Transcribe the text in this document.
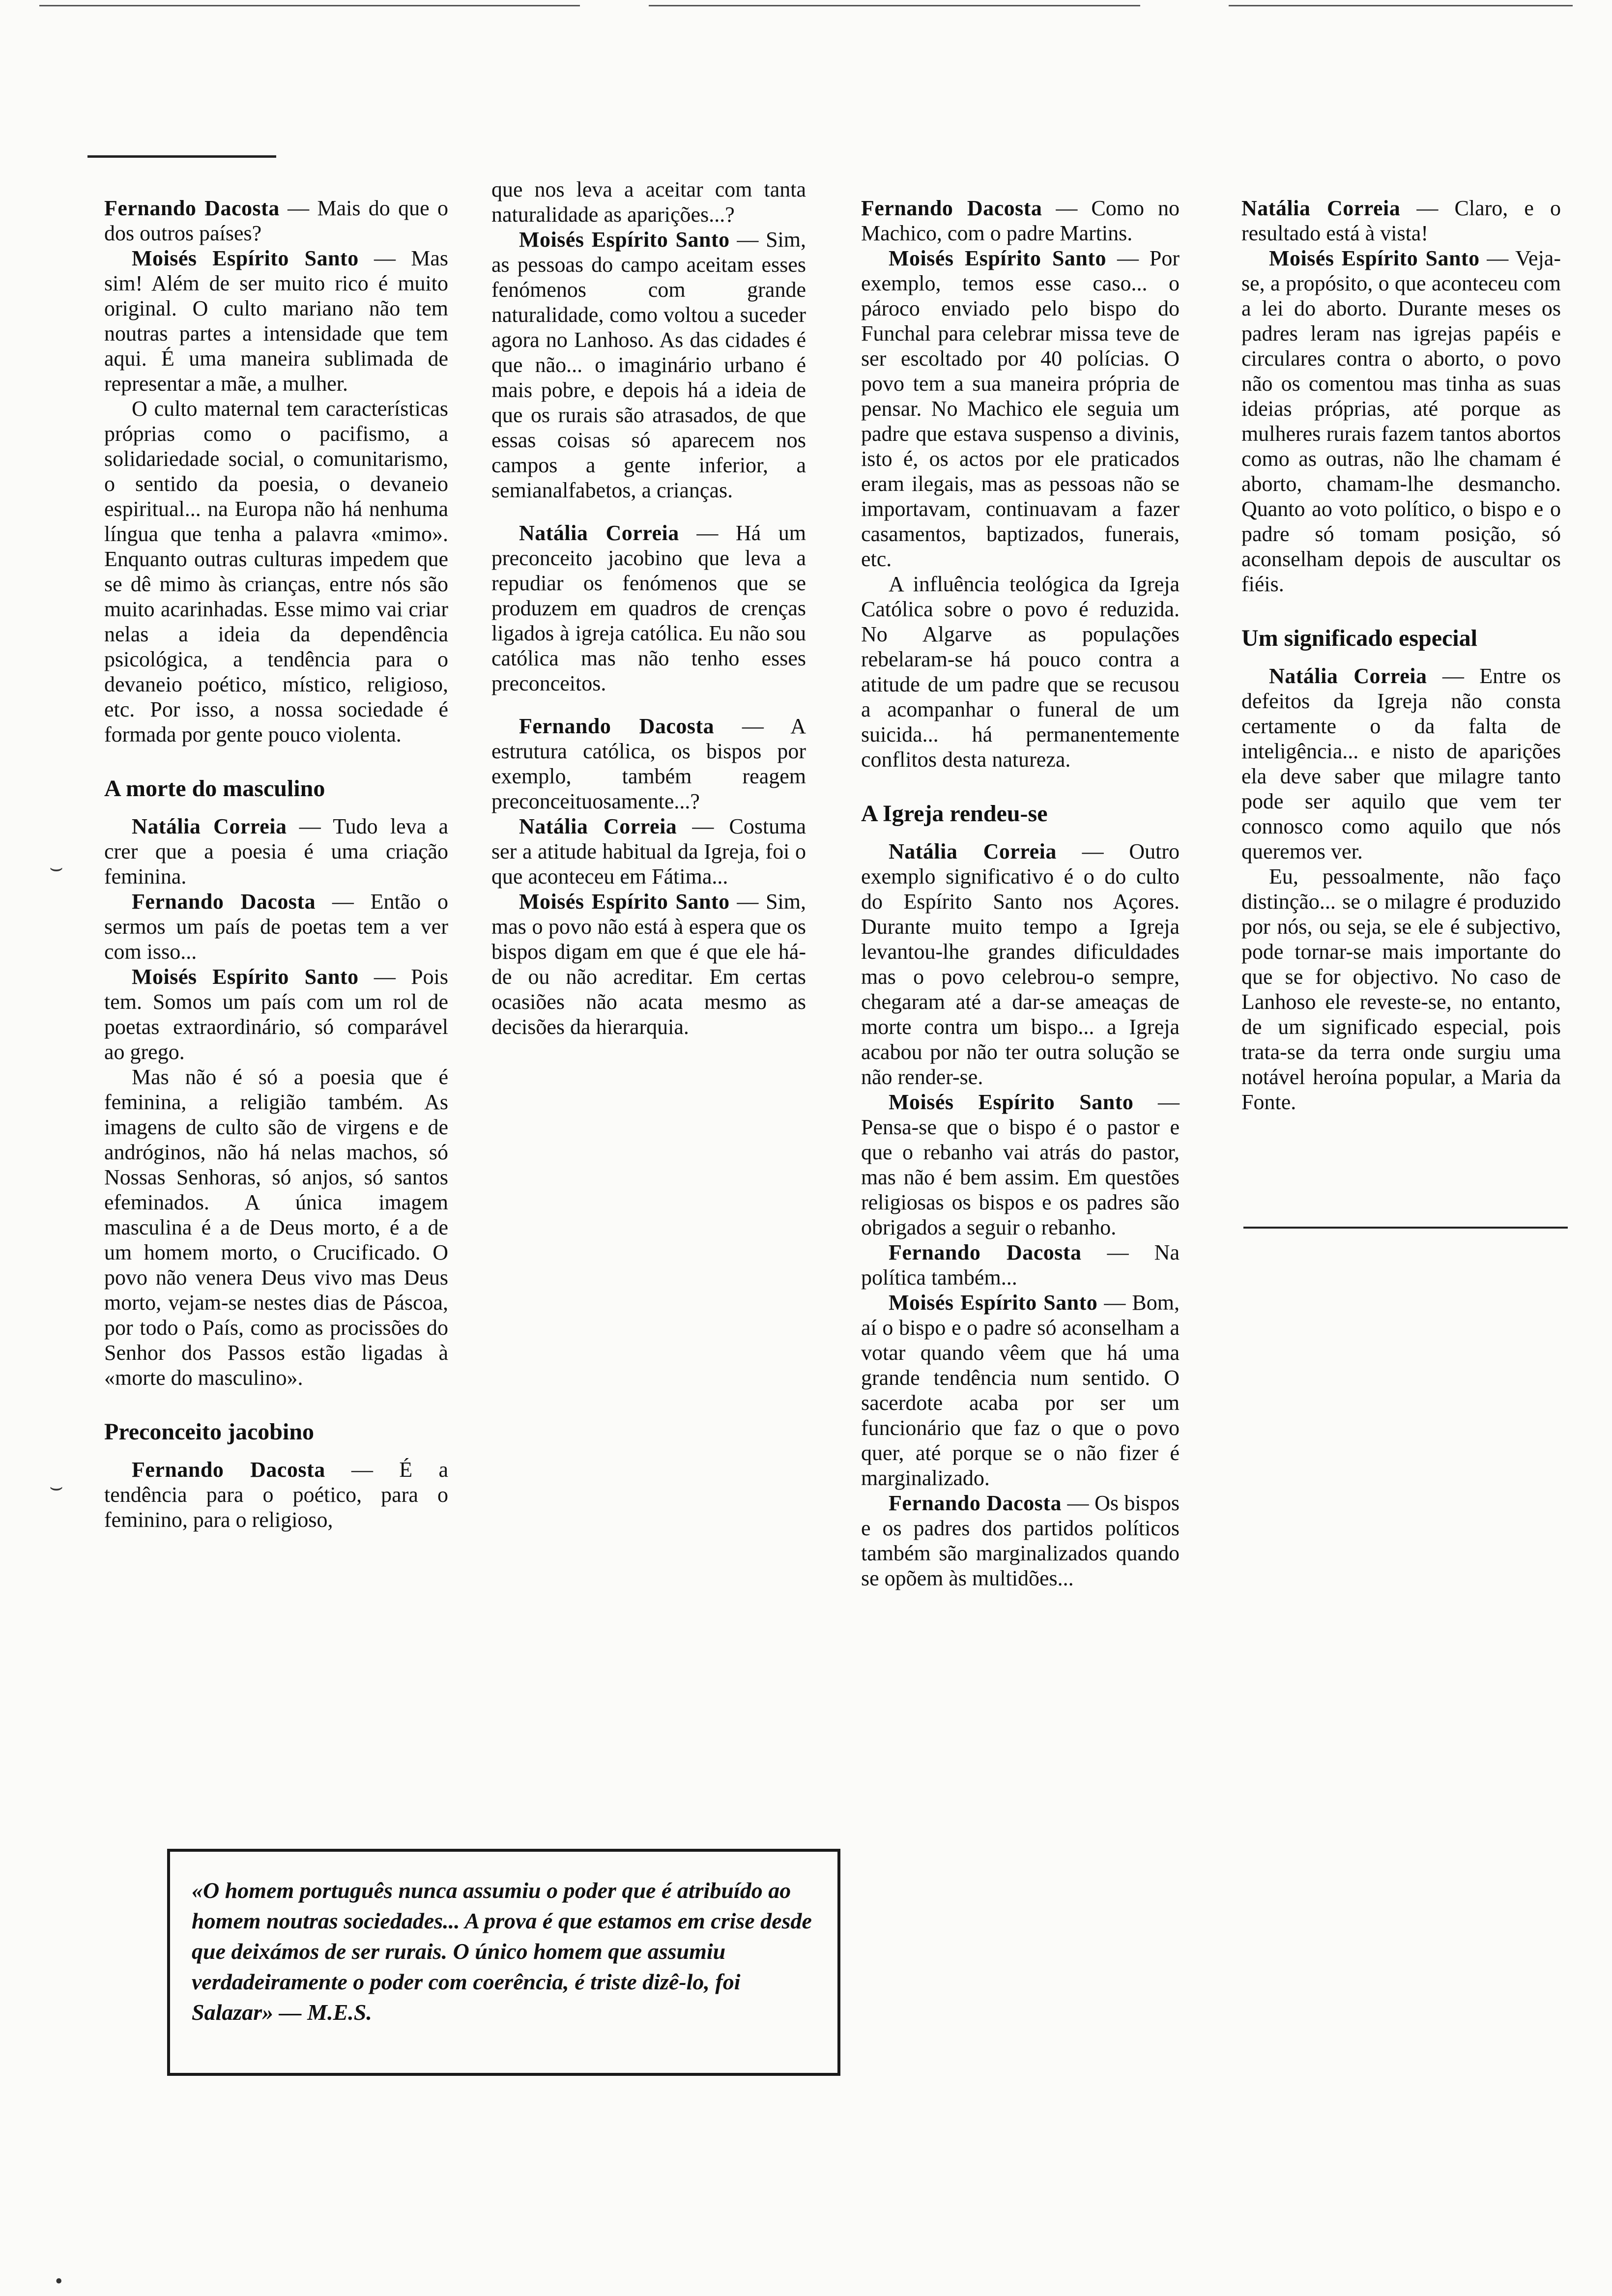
Fernando Dacosta — Mais do que o dos outros países?

Moisés Espírito Santo — Mas sim! Além de ser muito rico é muito original. O culto mariano não tem noutras partes a intensidade que tem aqui. É uma maneira sublimada de representar a mãe, a mulher.

O culto maternal tem características próprias como o pacifismo, a solidariedade social, o comunitarismo, o sentido da poesia, o devaneio espiritual... na Europa não há nenhuma língua que tenha a palavra «mimo». Enquanto outras culturas impedem que se dê mimo às crianças, entre nós são muito acarinhadas. Esse mimo vai criar nelas a ideia da dependência psicológica, a tendência para o devaneio poético, místico, religioso, etc. Por isso, a nossa sociedade é formada por gente pouco violenta.

A morte do masculino

Natália Correia — Tudo leva a crer que a poesia é uma criação feminina.

Fernando Dacosta — Então o sermos um país de poetas tem a ver com isso...

Moisés Espírito Santo — Pois tem. Somos um país com um rol de poetas extraordinário, só comparável ao grego.

Mas não é só a poesia que é feminina, a religião também. As imagens de culto são de virgens e de andróginos, não há nelas machos, só Nossas Senhoras, só anjos, só santos efeminados. A única imagem masculina é a de Deus morto, é a de um homem morto, o Crucificado. O povo não venera Deus vivo mas Deus morto, vejam-se nestes dias de Páscoa, por todo o País, como as procissões do Senhor dos Passos estão ligadas à «morte do masculino».

Preconceito jacobino

Fernando Dacosta — É a tendência para o poético, para o feminino, para o religioso,

que nos leva a aceitar com tanta naturalidade as aparições...?

Moisés Espírito Santo — Sim, as pessoas do campo aceitam esses fenómenos com grande naturalidade, como voltou a suceder agora no Lanhoso. As das cidades é que não... o imaginário urbano é mais pobre, e depois há a ideia de que os rurais são atrasados, de que essas coisas só aparecem nos campos a gente inferior, a semianalfabetos, a crianças.

Natália Correia — Há um preconceito jacobino que leva a repudiar os fenómenos que se produzem em quadros de crenças ligados à igreja católica. Eu não sou católica mas não tenho esses preconceitos.

Fernando Dacosta — A estrutura católica, os bispos por exemplo, também reagem preconceituosamente...?

Natália Correia — Costuma ser a atitude habitual da Igreja, foi o que aconteceu em Fátima...

Moisés Espírito Santo — Sim, mas o povo não está à espera que os bispos digam em que é que ele há-de ou não acreditar. Em certas ocasiões não acata mesmo as decisões da hierarquia.

Fernando Dacosta — Como no Machico, com o padre Martins.

Moisés Espírito Santo — Por exemplo, temos esse caso... o pároco enviado pelo bispo do Funchal para celebrar missa teve de ser escoltado por 40 polícias. O povo tem a sua maneira própria de pensar. No Machico ele seguia um padre que estava suspenso a divinis, isto é, os actos por ele praticados eram ilegais, mas as pessoas não se importavam, continuavam a fazer casamentos, baptizados, funerais, etc.

A influência teológica da Igreja Católica sobre o povo é reduzida. No Algarve as populações rebelaram-se há pouco contra a atitude de um padre que se recusou a acompanhar o funeral de um suicida... há permanentemente conflitos desta natureza.

A Igreja rendeu-se

Natália Correia — Outro exemplo significativo é o do culto do Espírito Santo nos Açores. Durante muito tempo a Igreja levantou-lhe grandes dificuldades mas o povo celebrou-o sempre, chegaram até a dar-se ameaças de morte contra um bispo... a Igreja acabou por não ter outra solução se não render-se.

Moisés Espírito Santo — Pensa-se que o bispo é o pastor e que o rebanho vai atrás do pastor, mas não é bem assim. Em questões religiosas os bispos e os padres são obrigados a seguir o rebanho.

Fernando Dacosta — Na política também...

Moisés Espírito Santo — Bom, aí o bispo e o padre só aconselham a votar quando vêem que há uma grande tendência num sentido. O sacerdote acaba por ser um funcionário que faz o que o povo quer, até porque se o não fizer é marginalizado.

Fernando Dacosta — Os bispos e os padres dos partidos políticos também são marginalizados quando se opõem às multidões...

Natália Correia — Claro, e o resultado está à vista!

Moisés Espírito Santo — Veja-se, a propósito, o que aconteceu com a lei do aborto. Durante meses os padres leram nas igrejas papéis e circulares contra o aborto, o povo não os comentou mas tinha as suas ideias próprias, até porque as mulheres rurais fazem tantos abortos como as outras, não lhe chamam é aborto, chamam-lhe desmancho. Quanto ao voto político, o bispo e o padre só tomam posição, só aconselham depois de auscultar os fiéis.

Um significado especial

Natália Correia — Entre os defeitos da Igreja não consta certamente o da falta de inteligência... e nisto de aparições ela deve saber que milagre tanto pode ser aquilo que vem ter connosco como aquilo que nós queremos ver.

Eu, pessoalmente, não faço distinção... se o milagre é produzido por nós, ou seja, se ele é subjectivo, pode tornar-se mais importante do que se for objectivo. No caso de Lanhoso ele reveste-se, no entanto, de um significado especial, pois trata-se da terra onde surgiu uma notável heroína popular, a Maria da Fonte.

«O homem português nunca assumiu o poder que é atribuído ao homem noutras sociedades... A prova é que estamos em crise desde que deixámos de ser rurais. O único homem que assumiu verdadeiramente o poder com coerência, é triste dizê-lo, foi Salazar» — M.E.S.

⌣
⌣
•
